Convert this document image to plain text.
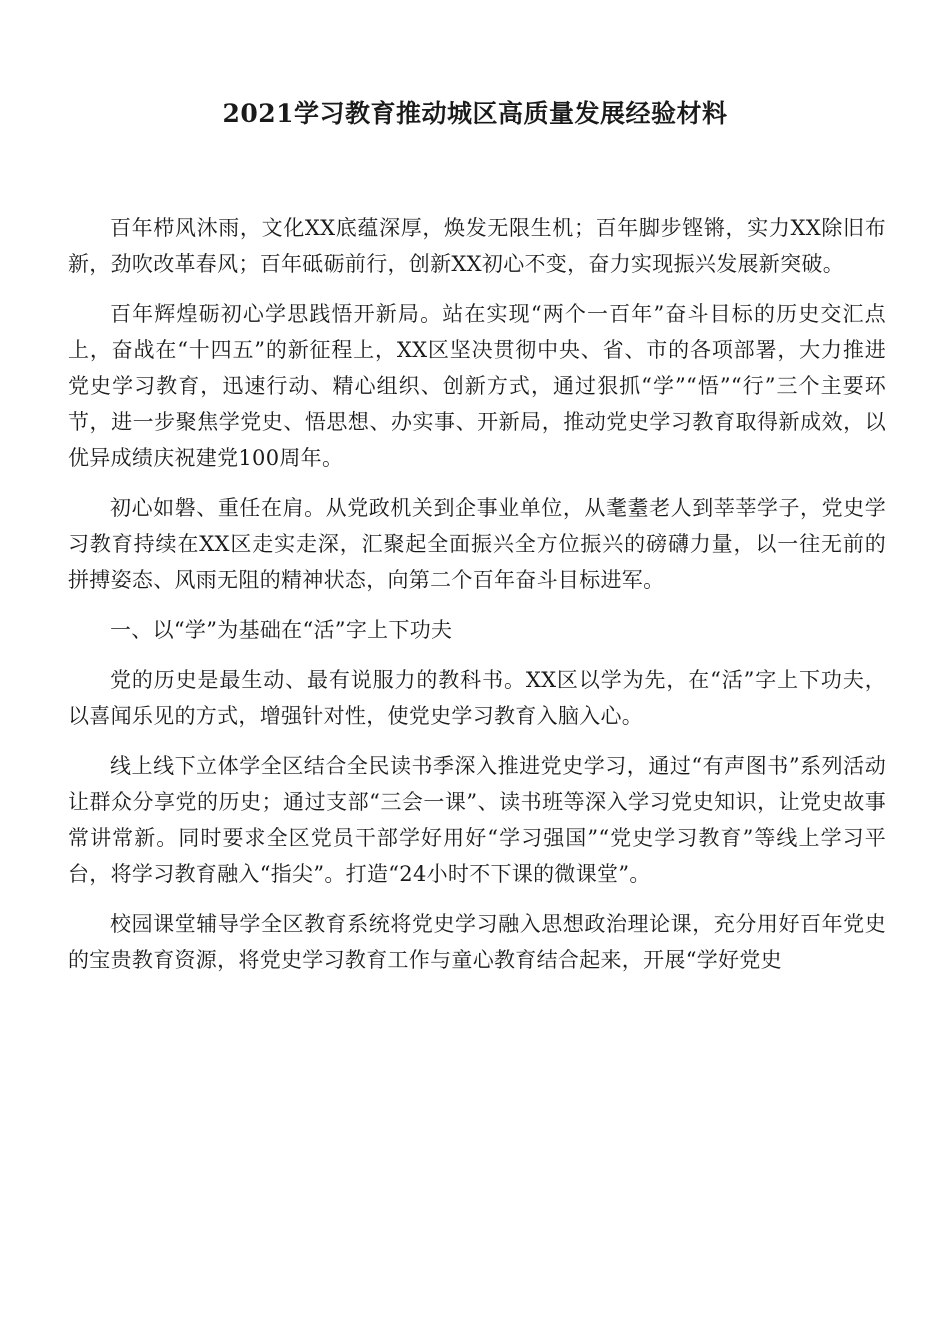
2021学习教育推动城区高质量发展经验材料

百年栉风沐雨，文化XX底蕴深厚，焕发无限生机；百年脚步铿锵，实力XX除旧布新，劲吹改革春风；百年砥砺前行，创新XX初心不变，奋力实现振兴发展新突破。

百年辉煌砺初心学思践悟开新局。站在实现“两个一百年”奋斗目标的历史交汇点上，奋战在“十四五”的新征程上，XX区坚决贯彻中央、省、市的各项部署，大力推进党史学习教育，迅速行动、精心组织、创新方式，通过狠抓“学”“悟”“行”三个主要环节，进一步聚焦学党史、悟思想、办实事、开新局，推动党史学习教育取得新成效，以优异成绩庆祝建党100周年。

初心如磐、重任在肩。从党政机关到企事业单位，从耄耋老人到莘莘学子，党史学习教育持续在XX区走实走深，汇聚起全面振兴全方位振兴的磅礴力量，以一往无前的拼搏姿态、风雨无阻的精神状态，向第二个百年奋斗目标进军。

一、以“学”为基础在“活”字上下功夫

党的历史是最生动、最有说服力的教科书。XX区以学为先，在“活”字上下功夫，以喜闻乐见的方式，增强针对性，使党史学习教育入脑入心。

线上线下立体学全区结合全民读书季深入推进党史学习，通过“有声图书”系列活动让群众分享党的历史；通过支部“三会一课”、读书班等深入学习党史知识，让党史故事常讲常新。同时要求全区党员干部学好用好“学习强国”“党史学习教育”等线上学习平台，将学习教育融入“指尖”。打造“24小时不下课的微课堂”。

校园课堂辅导学全区教育系统将党史学习融入思想政治理论课，充分用好百年党史的宝贵教育资源，将党史学习教育工作与童心教育结合起来，开展“学好党史
